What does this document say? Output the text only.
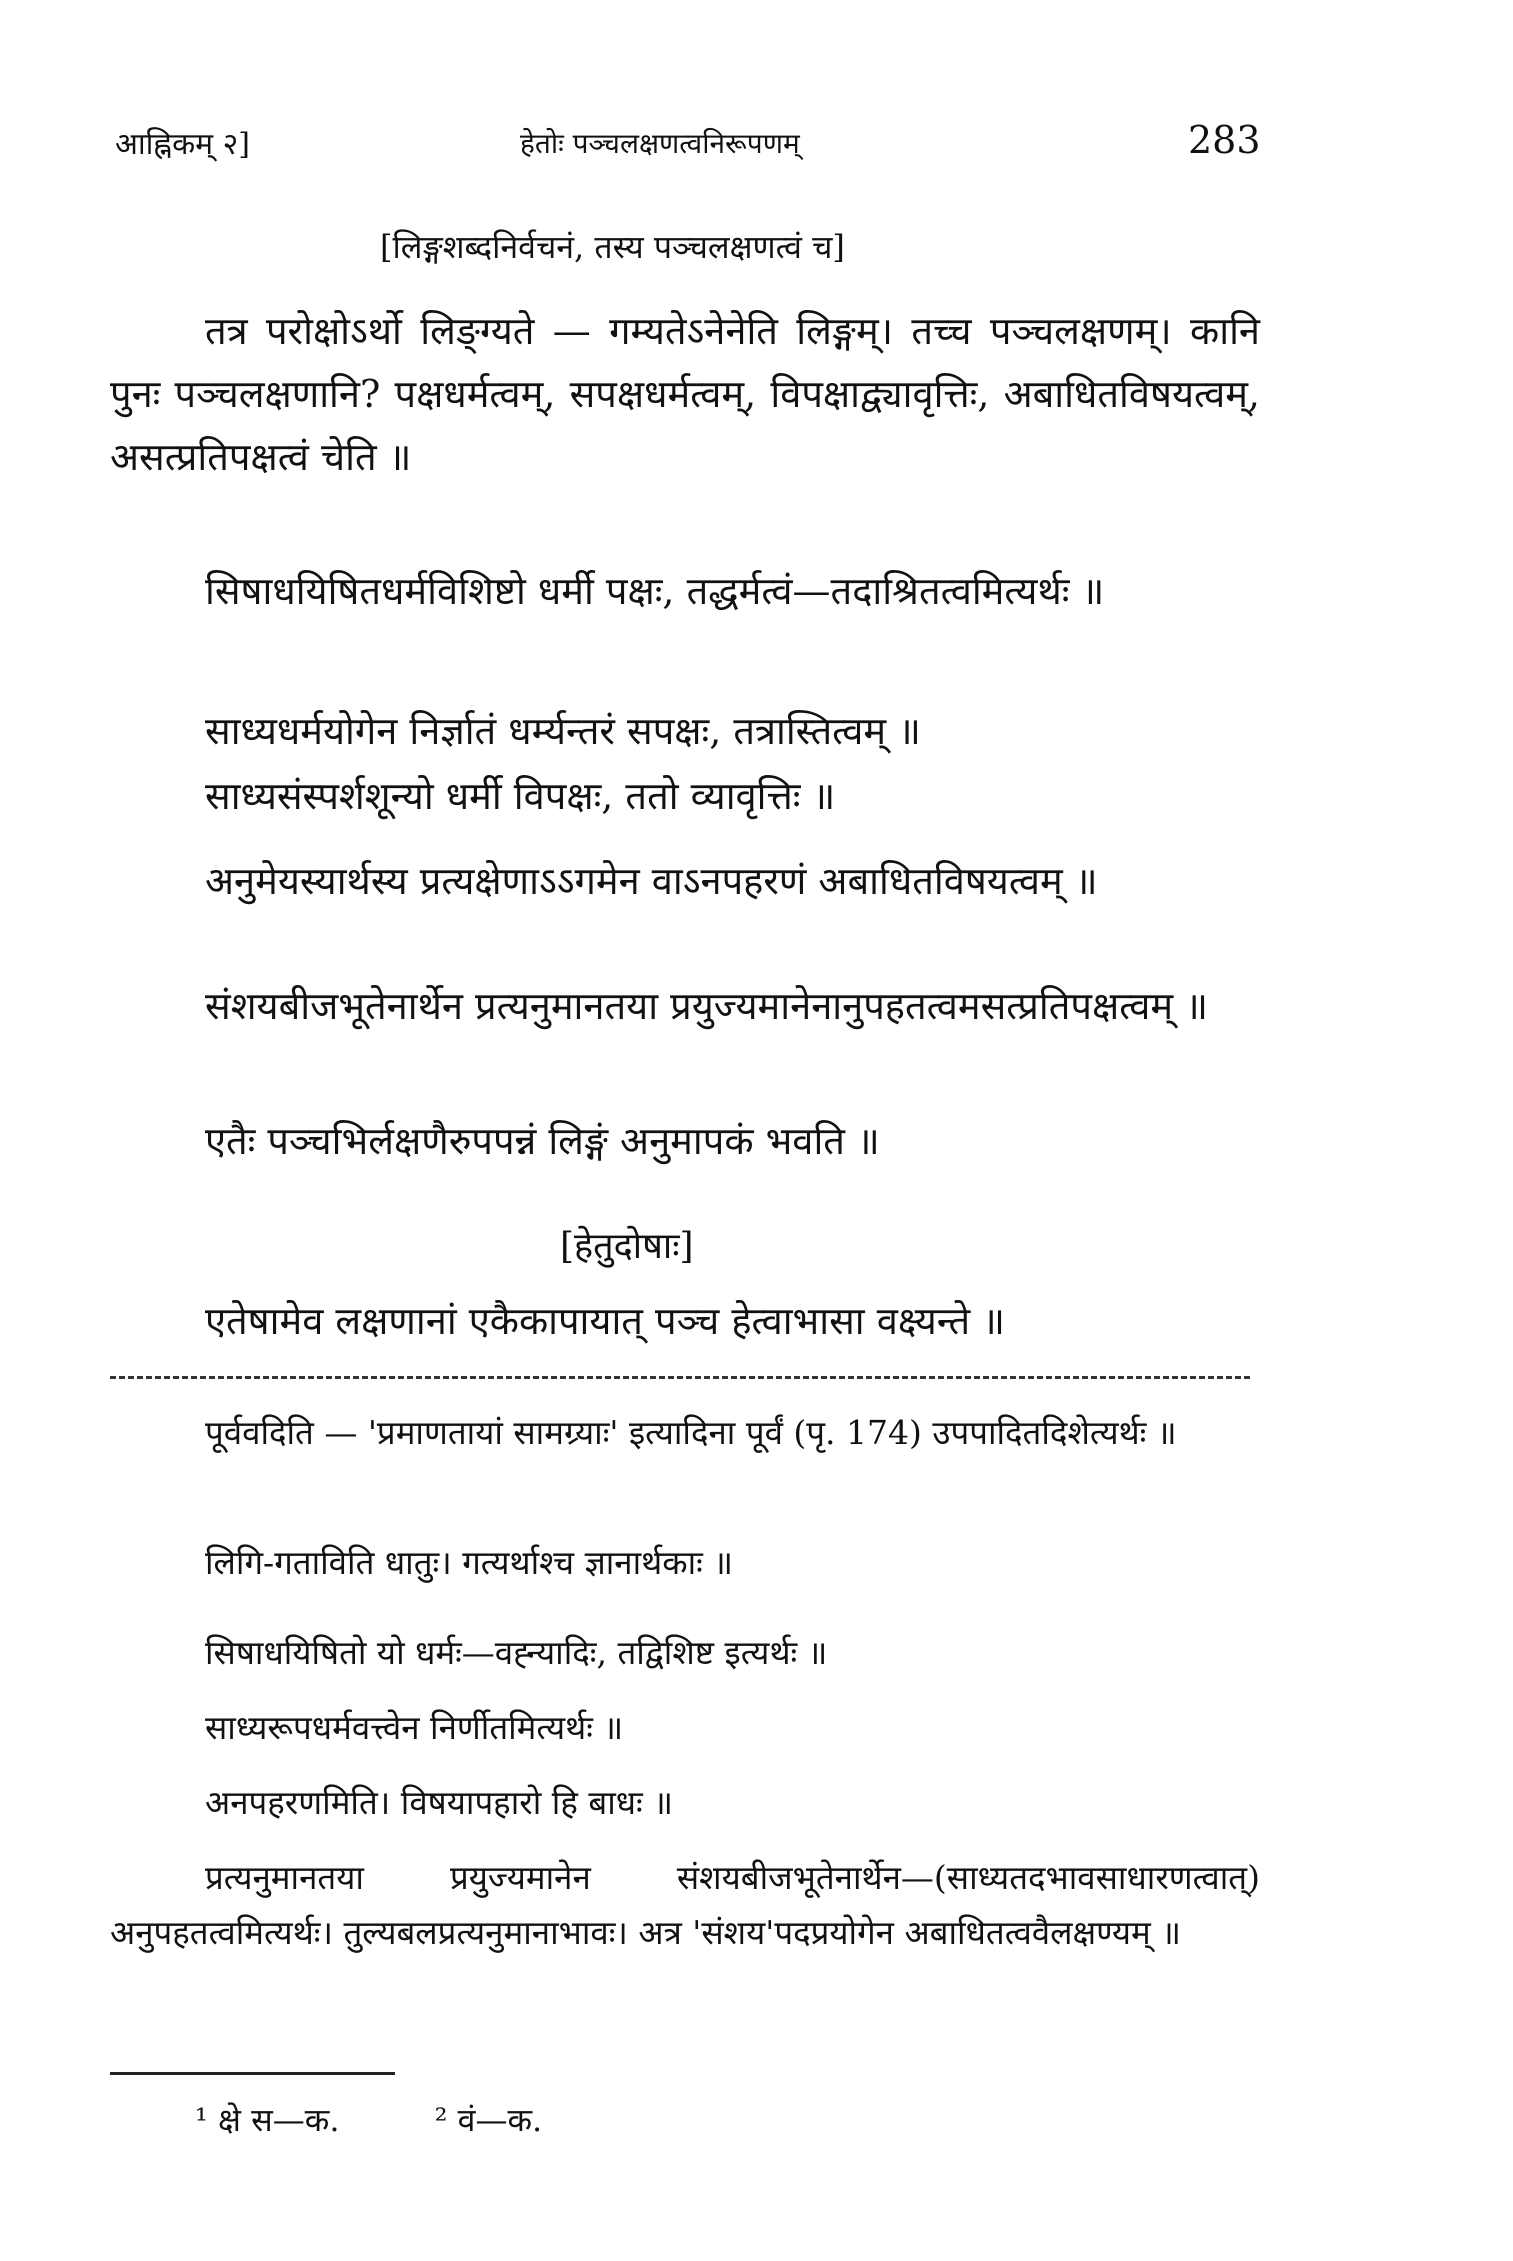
आह्निकम् २]	हेतोः पञ्चलक्षणत्वनिरूपणम्	283
[लिङ्गशब्दनिर्वचनं, तस्य पञ्चलक्षणत्वं च]
तत्र परोक्षोऽर्थो लिङ्ग्यते — गम्यतेऽनेनेति लिङ्गम्। तच्च पञ्चलक्षणम्। कानि पुनः पञ्चलक्षणानि? पक्षधर्मत्वम्, सपक्षधर्मत्वम्, विपक्षाद्व्यावृत्तिः, अबाधितविषयत्वम्, असत्प्रतिपक्षत्वं चेति ॥
सिषाधयिषितधर्मविशिष्टो धर्मी पक्षः, तद्धर्मत्वं—तदाश्रितत्वमित्यर्थः ॥
साध्यधर्मयोगेन निर्ज्ञातं धर्म्यन्तरं सपक्षः, तत्रास्तित्वम् ॥
साध्यसंस्पर्शशून्यो धर्मी विपक्षः, ततो व्यावृत्तिः ॥
अनुमेयस्यार्थस्य प्रत्यक्षेणाऽऽगमेन वाऽनपहरणं अबाधितविषयत्वम् ॥
संशयबीजभूतेनार्थेन प्रत्यनुमानतया प्रयुज्यमानेनानुपहतत्वमसत्प्रतिपक्षत्वम् ॥
एतैः पञ्चभिर्लक्षणैरुपपन्नं लिङ्गं अनुमापकं भवति ॥
[हेतुदोषाः]
एतेषामेव लक्षणानां एकैकापायात् पञ्च हेत्वाभासा वक्ष्यन्ते ॥
पूर्ववदिति — 'प्रमाणतायां सामग्र्याः' इत्यादिना पूर्वं (पृ. 174) उपपादितदिशेत्यर्थः ॥
लिगि-गताविति धातुः। गत्यर्थाश्च ज्ञानार्थकाः ॥
सिषाधयिषितो यो धर्मः—वह्न्यादिः, तद्विशिष्ट इत्यर्थः ॥
साध्यरूपधर्मवत्त्वेन निर्णीतमित्यर्थः ॥
अनपहरणमिति। विषयापहारो हि बाधः ॥
प्रत्यनुमानतया प्रयुज्यमानेन संशयबीजभूतेनार्थेन—(साध्यतदभावसाधारणत्वात्) अनुपहतत्वमित्यर्थः। तुल्यबलप्रत्यनुमानाभावः। अत्र 'संशय'पदप्रयोगेन अबाधितत्ववैलक्षण्यम् ॥
¹ क्षे स—क.	² वं—क.
